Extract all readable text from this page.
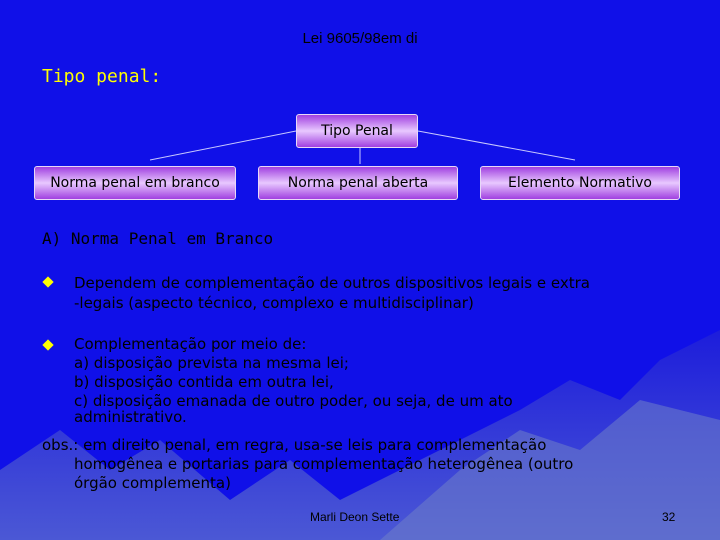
Lei 9605/98em di
Tipo penal:
Tipo Penal
Norma penal em branco	Norma penal aberta	Elemento Normativo
A) Norma Penal em Branco
Dependem de complementação de outros dispositivos legais e extra
-legais (aspecto técnico, complexo e multidisciplinar)
Complementação por meio de:
a) disposição prevista na mesma lei;
b) disposição contida em outra lei,
c) disposição emanada de outro poder, ou seja, de um ato
administrativo.
obs.: em direito penal, em regra, usa-se leis para complementação
homogênea e portarias para complementação heterogênea (outro
órgão complementa)
Marli Deon Sette	32
